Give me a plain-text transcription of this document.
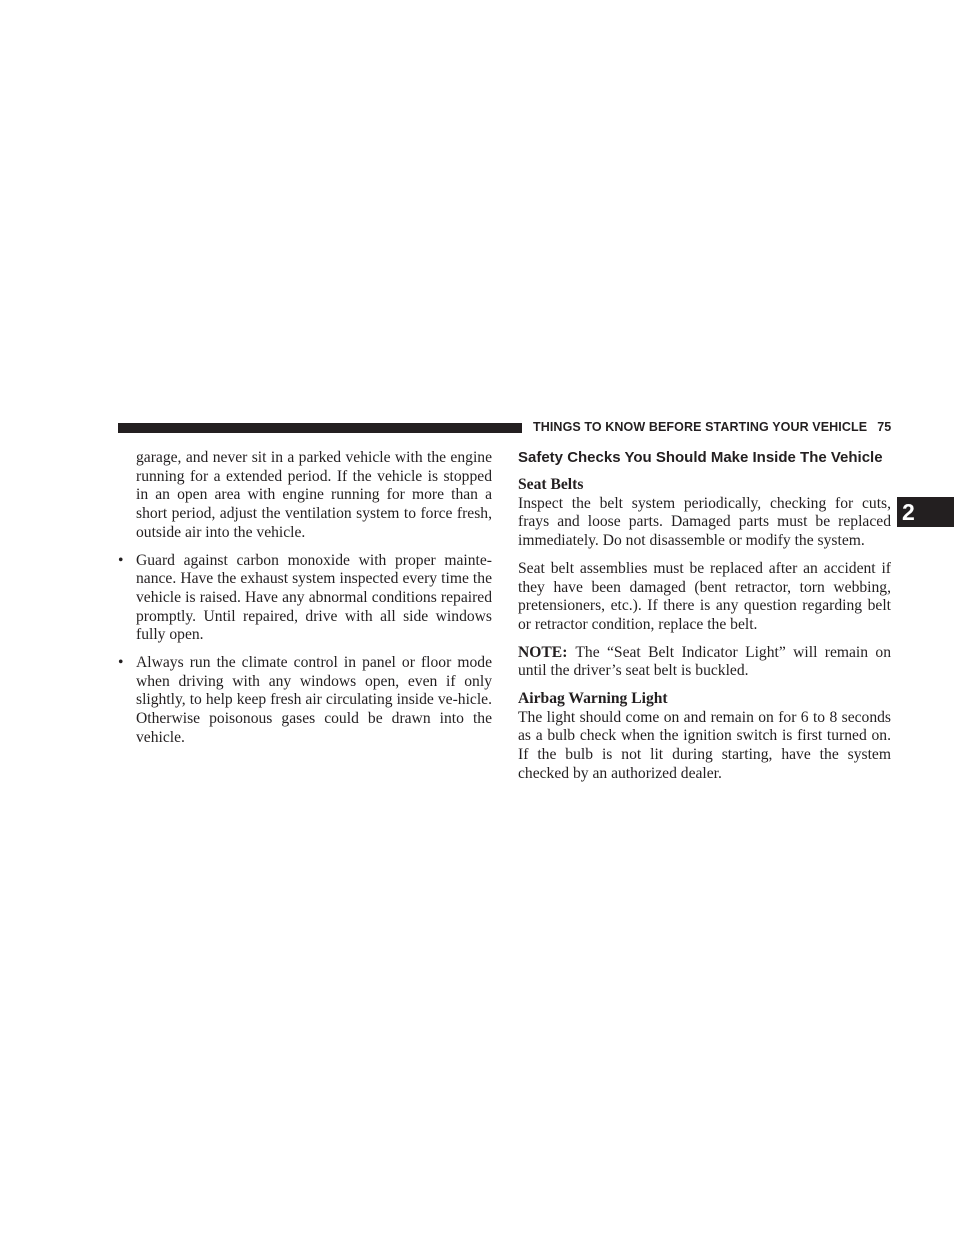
THINGS TO KNOW BEFORE STARTING YOUR VEHICLE 75
2

garage, and never sit in a parked vehicle with the engine running for a extended period. If the vehicle is stopped in an open area with engine running for more than a short period, adjust the ventilation system to force fresh, outside air into the vehicle.

• Guard against carbon monoxide with proper mainte-nance. Have the exhaust system inspected every time the vehicle is raised. Have any abnormal conditions repaired promptly. Until repaired, drive with all side windows fully open.

• Always run the climate control in panel or floor mode when driving with any windows open, even if only slightly, to help keep fresh air circulating inside ve-hicle. Otherwise poisonous gases could be drawn into the vehicle.

Safety Checks You Should Make Inside The Vehicle

Seat Belts

Inspect the belt system periodically, checking for cuts, frays and loose parts. Damaged parts must be replaced immediately. Do not disassemble or modify the system.

Seat belt assemblies must be replaced after an accident if they have been damaged (bent retractor, torn webbing, pretensioners, etc.). If there is any question regarding belt or retractor condition, replace the belt.

NOTE: The “Seat Belt Indicator Light” will remain on until the driver’s seat belt is buckled.

Airbag Warning Light

The light should come on and remain on for 6 to 8 seconds as a bulb check when the ignition switch is first turned on. If the bulb is not lit during starting, have the system checked by an authorized dealer.
